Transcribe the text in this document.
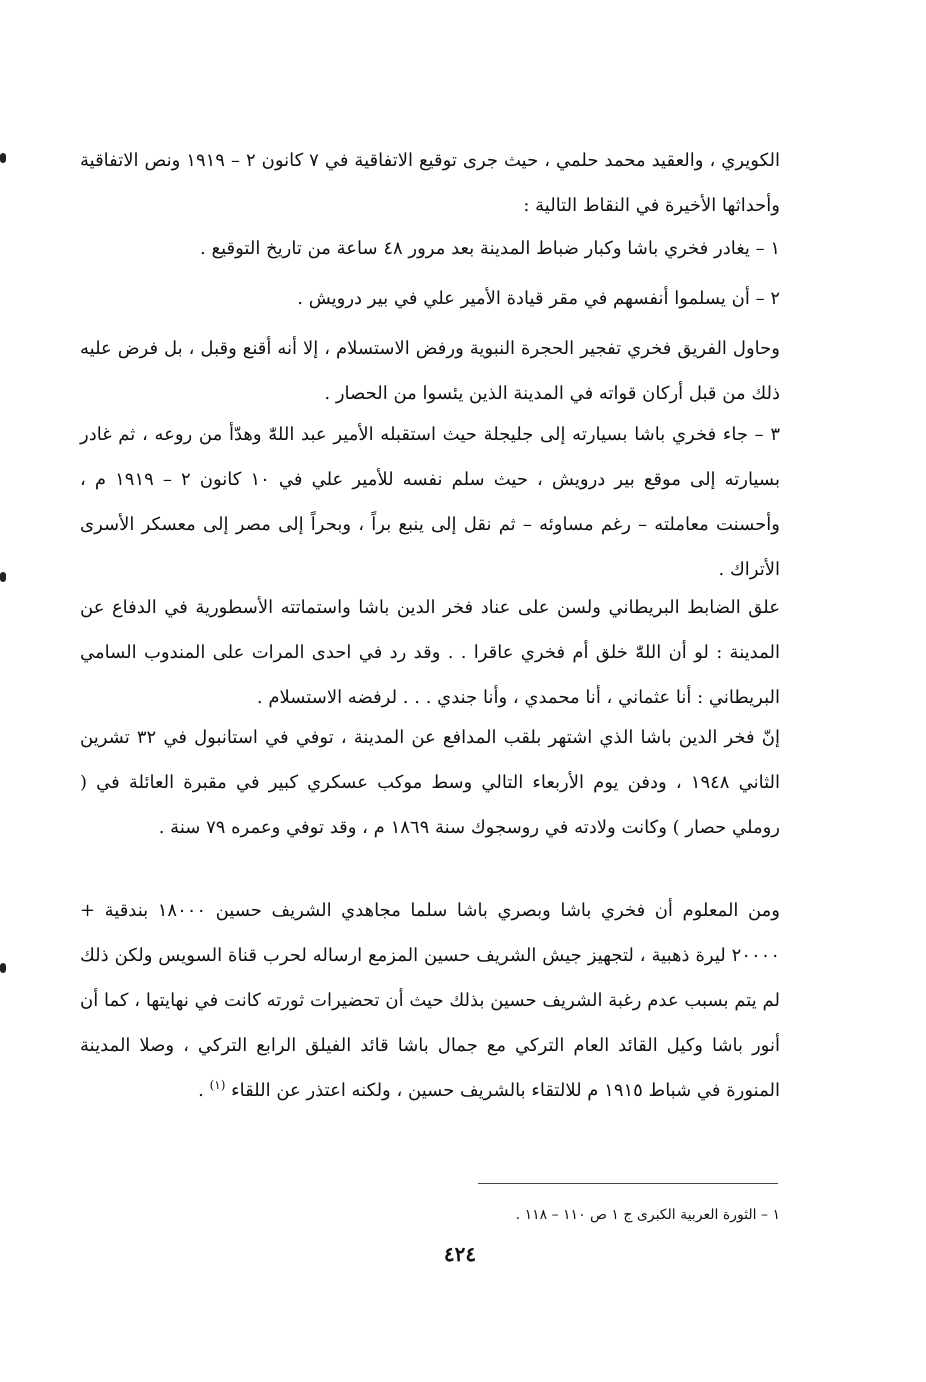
الكويري ، والعقيد محمد حلمي ، حيث جرى توقيع الاتفاقية في ٧ كانون ٢ – ١٩١٩ ونص الاتفاقية وأحداثها الأخيرة في النقاط التالية :

١ – يغادر فخري باشا وكبار ضباط المدينة بعد مرور ٤٨ ساعة من تاريخ التوقيع .

٢ – أن يسلموا أنفسهم في مقر قيادة الأمير علي في بير درويش .

وحاول الفريق فخري تفجير الحجرة النبوية ورفض الاستسلام ، إلا أنه أقنع وقبل ، بل فرض عليه ذلك من قبل أركان قواته في المدينة الذين يئسوا من الحصار .

٣ – جاء فخري باشا بسيارته إلى جليجلة حيث استقبله الأمير عبد اللهّٰ وهدّأ من روعه ، ثم غادر بسيارته إلى موقع بير درويش ، حيث سلم نفسه للأمير علي في ١٠ كانون ٢ – ١٩١٩ م ، وأحسنت معاملته – رغم مساوئه – ثم نقل إلى ينبع براً ، وبحراً إلى مصر إلى معسكر الأسرى الأتراك .

علق الضابط البريطاني ولسن على عناد فخر الدين باشا واستماتته الأسطورية في الدفاع عن المدينة : لو أن اللهّٰ خلق أم فخري عاقرا . . وقد رد في احدى المرات على المندوب السامي البريطاني : أنا عثماني ، أنا محمدي ، وأنا جندي . . . لرفضه الاستسلام .

إنّ فخر الدين باشا الذي اشتهر بلقب المدافع عن المدينة ، توفي في استانبول في ٣٢ تشرين الثاني ١٩٤٨ ، ودفن يوم الأربعاء التالي وسط موكب عسكري كبير في مقبرة العائلة في ( روملي حصار ) وكانت ولادته في روسجوك سنة ١٨٦٩ م ، وقد توفي وعمره ٧٩ سنة .

ومن المعلوم أن فخري باشا وبصري باشا سلما مجاهدي الشريف حسين ١٨٠٠٠ بندقية + ٢٠٠٠٠ ليرة ذهبية ، لتجهيز جيش الشريف حسين المزمع ارساله لحرب قناة السويس ولكن ذلك لم يتم بسبب عدم رغبة الشريف حسين بذلك حيث أن تحضيرات ثورته كانت في نهايتها ، كما أن أنور باشا وكيل القائد العام التركي مع جمال باشا قائد الفيلق الرابع التركي ، وصلا المدينة المنورة في شباط ١٩١٥ م للالتقاء بالشريف حسين ، ولكنه اعتذر عن اللقاء $^{(١)}$ .

١ – الثورة العربية الكبرى ج ١ ص ١١٠ – ١١٨ .
٤٢٤
